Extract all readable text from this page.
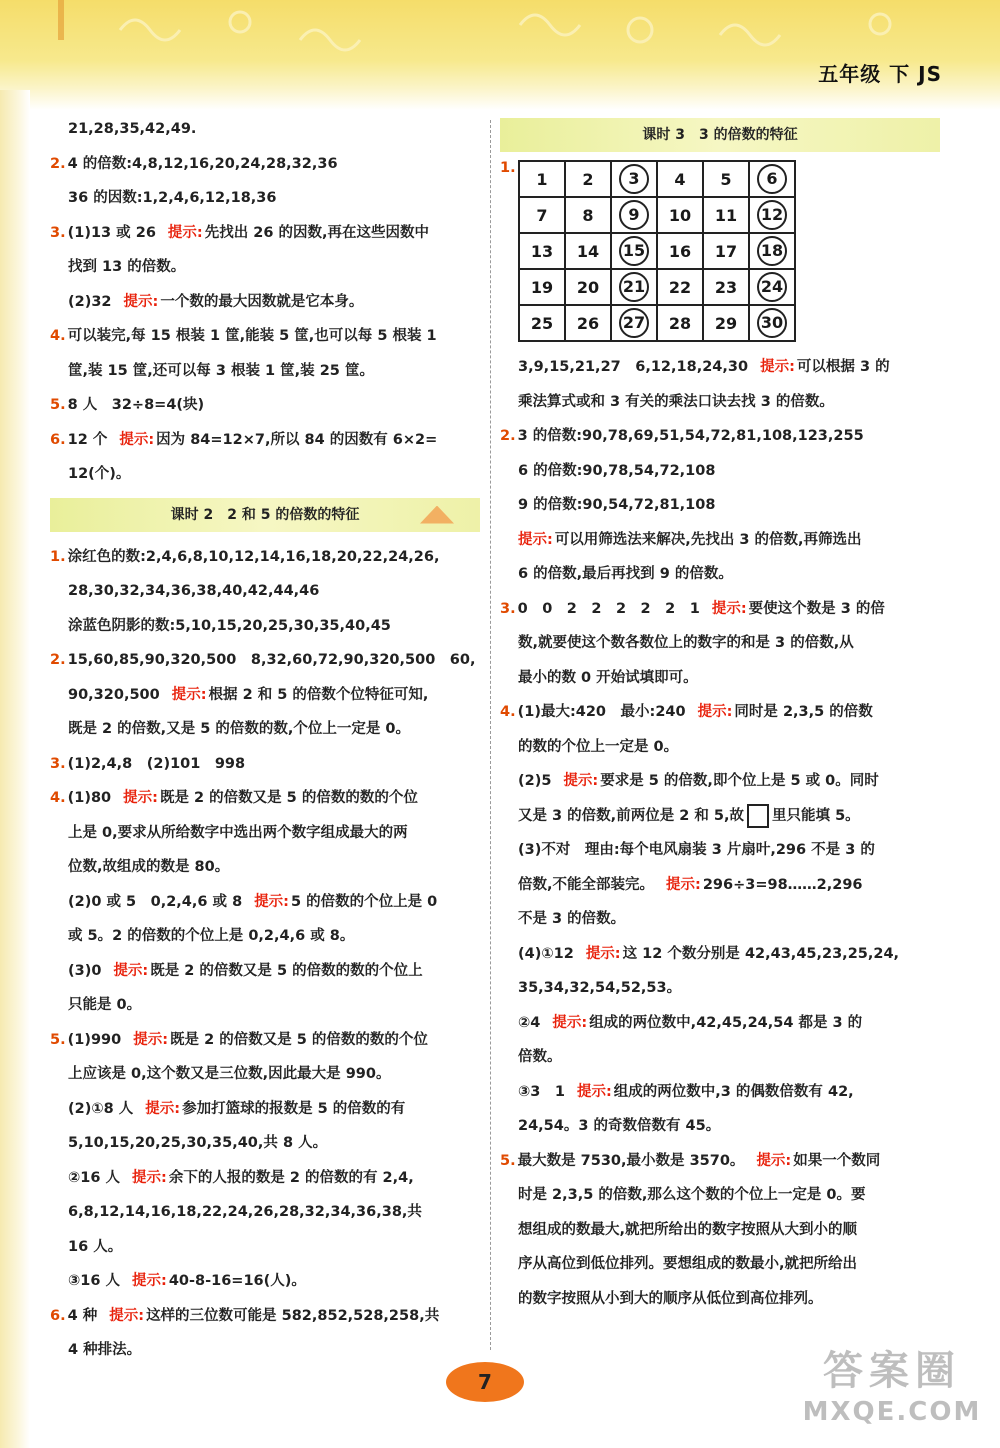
五年级 下 JS
21,28,35,42,49.
2. 4 的倍数:4,8,12,16,20,24,28,32,36
36 的因数:1,2,4,6,12,18,36
3. (1)13 或 26 提示: 先找出 26 的因数,再在这些因数中
找到 13 的倍数。
(2)32 提示: 一个数的最大因数就是它本身。
4. 可以装完,每 15 根装 1 筐,能装 5 筐,也可以每 5 根装 1
筐,装 15 筐,还可以每 3 根装 1 筐,装 25 筐。
5. 8 人　32÷8=4(块)
6. 12 个 提示: 因为 84=12×7,所以 84 的因数有 6×2=
12(个)。
课时 2　2 和 5 的倍数的特征
1. 涂红色的数:2,4,6,8,10,12,14,16,18,20,22,24,26,
28,30,32,34,36,38,40,42,44,46
涂蓝色阴影的数:5,10,15,20,25,30,35,40,45
2. 15,60,85,90,320,500　8,32,60,72,90,320,500　60,
90,320,500 提示: 根据 2 和 5 的倍数个位特征可知,
既是 2 的倍数,又是 5 的倍数的数,个位上一定是 0。
3. (1)2,4,8　(2)101　998
4. (1)80 提示: 既是 2 的倍数又是 5 的倍数的数的个位
上是 0,要求从所给数字中选出两个数字组成最大的两
位数,故组成的数是 80。
(2)0 或 5　0,2,4,6 或 8 提示: 5 的倍数的个位上是 0
或 5。2 的倍数的个位上是 0,2,4,6 或 8。
(3)0 提示: 既是 2 的倍数又是 5 的倍数的数的个位上
只能是 0。
5. (1)990 提示: 既是 2 的倍数又是 5 的倍数的数的个位
上应该是 0,这个数又是三位数,因此最大是 990。
(2)①8 人 提示: 参加打篮球的报数是 5 的倍数的有
5,10,15,20,25,30,35,40,共 8 人。
②16 人 提示: 余下的人报的数是 2 的倍数的有 2,4,
6,8,12,14,16,18,22,24,26,28,32,34,36,38,共
16 人。
③16 人 提示: 40-8-16=16(人)。
6. 4 种 提示: 这样的三位数可能是 582,852,528,258,共
4 种排法。
课时 3　3 的倍数的特征
1.
1	2	3	4	5	6
7	8	9	10	11	12
13	14	15	16	17	18
19	20	21	22	23	24
25	26	27	28	29	30
3,9,15,21,27　6,12,18,24,30 提示: 可以根据 3 的
乘法算式或和 3 有关的乘法口诀去找 3 的倍数。
2. 3 的倍数:90,78,69,51,54,72,81,108,123,255
6 的倍数:90,78,54,72,108
9 的倍数:90,54,72,81,108
提示: 可以用筛选法来解决,先找出 3 的倍数,再筛选出
6 的倍数,最后再找到 9 的倍数。
3. 0　0　2　2　2　2　2　1 提示: 要使这个数是 3 的倍
数,就要使这个数各数位上的数字的和是 3 的倍数,从
最小的数 0 开始试填即可。
4. (1)最大:420　最小:240 提示: 同时是 2,3,5 的倍数
的数的个位上一定是 0。
(2)5 提示: 要求是 5 的倍数,即个位上是 5 或 0。同时
又是 3 的倍数,前两位是 2 和 5,故 里只能填 5。
(3)不对　理由:每个电风扇装 3 片扇叶,296 不是 3 的
倍数,不能全部装完。 提示: 296÷3=98……2,296
不是 3 的倍数。
(4)①12 提示: 这 12 个数分别是 42,43,45,23,25,24,
35,34,32,54,52,53。
②4 提示: 组成的两位数中,42,45,24,54 都是 3 的
倍数。
③3　1 提示: 组成的两位数中,3 的偶数倍数有 42,
24,54。3 的奇数倍数有 45。
5. 最大数是 7530,最小数是 3570。 提示: 如果一个数同
时是 2,3,5 的倍数,那么这个数的个位上一定是 0。要
想组成的数最大,就把所给出的数字按照从大到小的顺
序从高位到低位排列。要想组成的数最小,就把所给出
的数字按照从小到大的顺序从低位到高位排列。
7	答案圈
MXQE.COM
